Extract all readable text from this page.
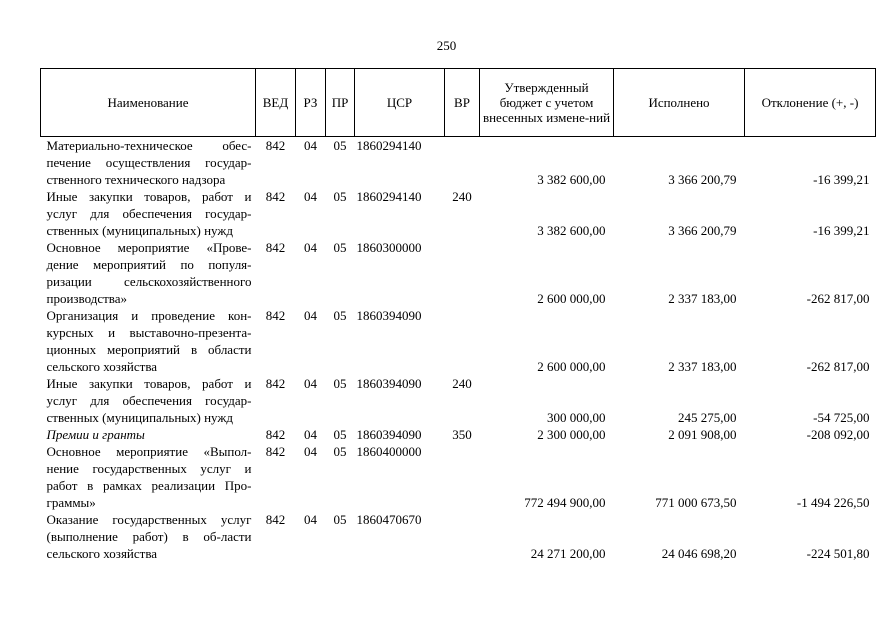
250
Наименование	ВЕД	РЗ	ПР	ЦСР	ВР	Утвержденный бюджет с учетом внесенных измене-ний	Исполнено	Отклонение (+, -)

Материально-техническое обес-печение осуществления государ-ственного технического надзора	842	04	05	1860294140		3 382 600,00	3 366 200,79	-16 399,21

Иные закупки товаров, работ и услуг для обеспечения государ-ственных (муниципальных) нужд	842	04	05	1860294140	240	3 382 600,00	3 366 200,79	-16 399,21

Основное мероприятие «Прове-дение мероприятий по популя-ризации сельскохозяйственного производства»	842	04	05	1860300000		2 600 000,00	2 337 183,00	-262 817,00

Организация и проведение кон-курсных и выставочно-презента-ционных мероприятий в области сельского хозяйства	842	04	05	1860394090		2 600 000,00	2 337 183,00	-262 817,00

Иные закупки товаров, работ и услуг для обеспечения государ-ственных (муниципальных) нужд	842	04	05	1860394090	240	300 000,00	245 275,00	-54 725,00

Премии и гранты	842	04	05	1860394090	350	2 300 000,00	2 091 908,00	-208 092,00

Основное мероприятие «Выпол-нение государственных услуг и работ в рамках реализации Про-граммы»	842	04	05	1860400000		772 494 900,00	771 000 673,50	-1 494 226,50

Оказание государственных услуг (выполнение работ) в об-ласти сельского хозяйства	842	04	05	1860470670		24 271 200,00	24 046 698,20	-224 501,80
